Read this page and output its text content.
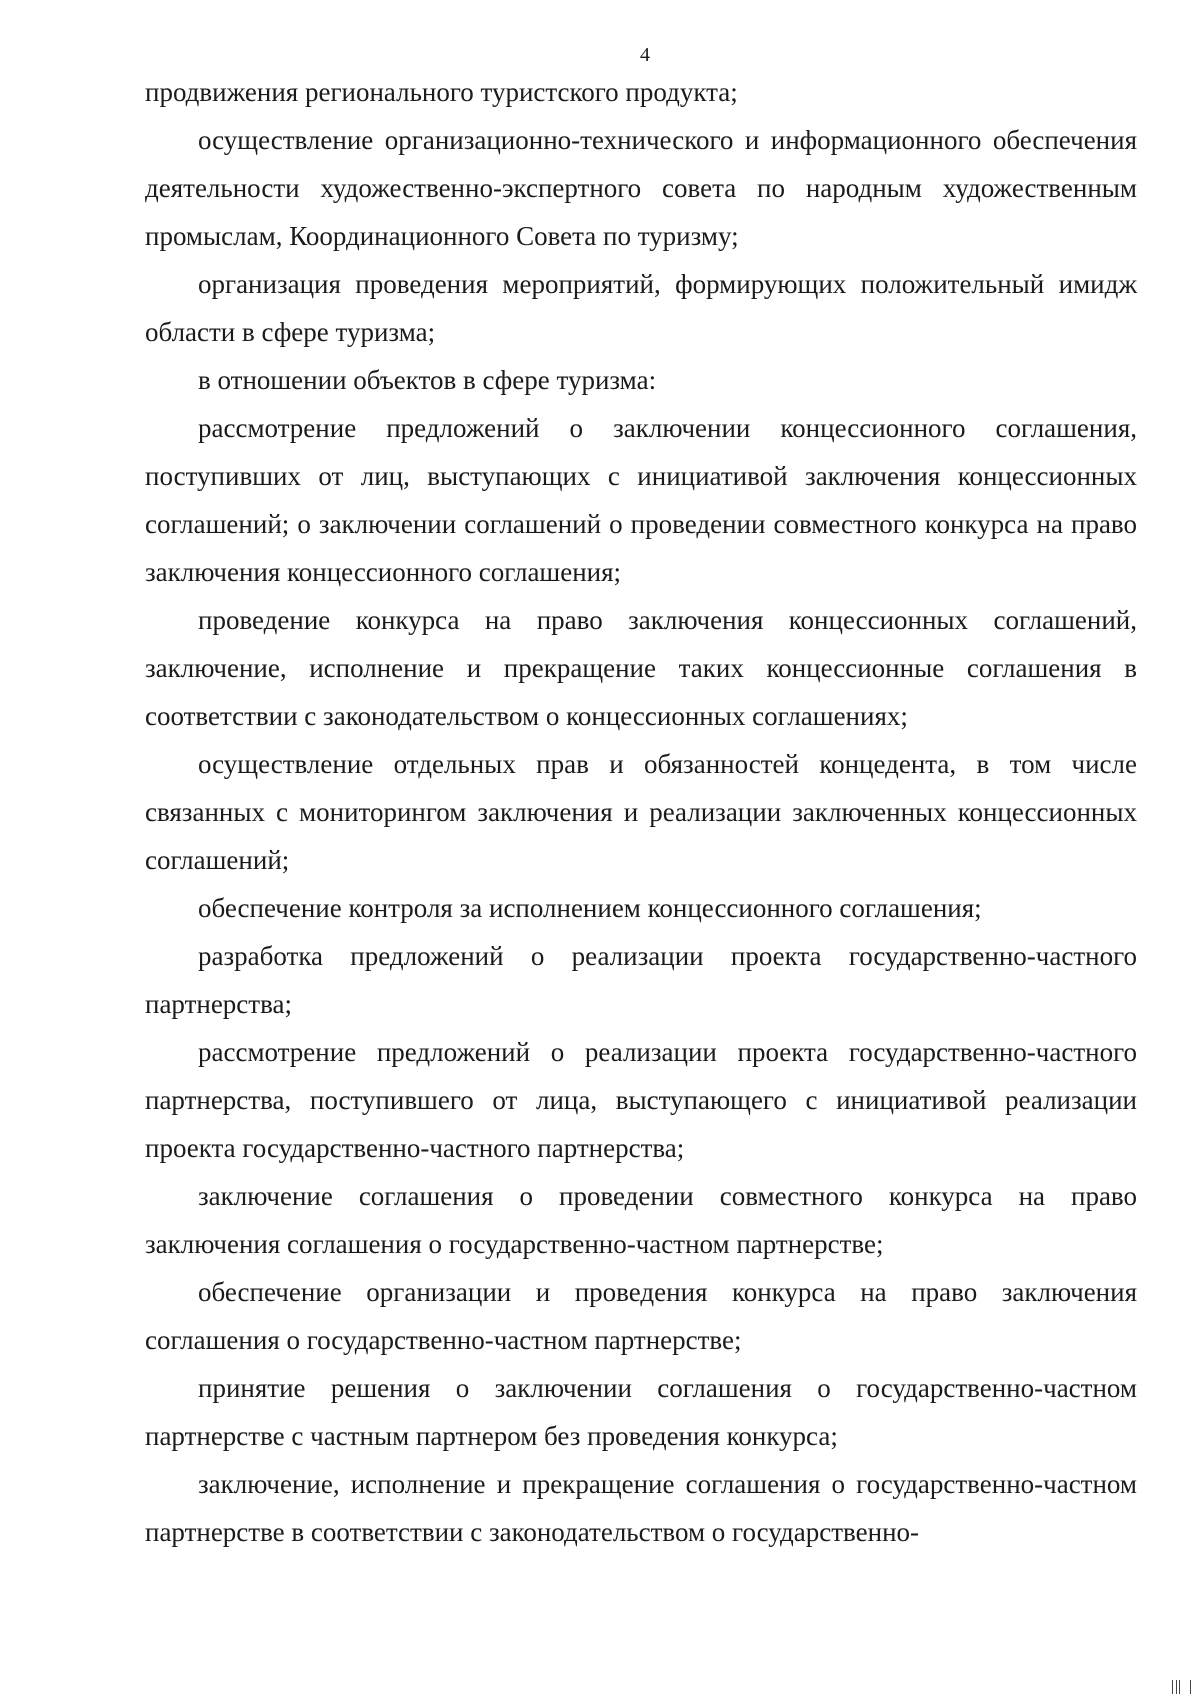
4

продвижения регионального туристского продукта;

осуществление организационно-технического и информационного обеспечения деятельности художественно-экспертного совета по народным художественным промыслам, Координационного Совета по туризму;

организация проведения мероприятий, формирующих положительный имидж области в сфере туризма;

в отношении объектов в сфере туризма:

рассмотрение предложений о заключении концессионного соглашения, поступивших от лиц, выступающих с инициативой заключения концессионных соглашений; о заключении соглашений о проведении совместного конкурса на право заключения концессионного соглашения;

проведение конкурса на право заключения концессионных соглашений, заключение, исполнение и прекращение таких концессионные соглашения в соответствии с законодательством о концессионных соглашениях;

осуществление отдельных прав и обязанностей концедента, в том числе связанных с мониторингом заключения и реализации заключенных концессионных соглашений;

обеспечение контроля за исполнением концессионного соглашения;

разработка предложений о реализации проекта государственно-частного партнерства;

рассмотрение предложений о реализации проекта государственно-частного партнерства, поступившего от лица, выступающего с инициативой реализации проекта государственно-частного партнерства;

заключение соглашения о проведении совместного конкурса на право заключения соглашения о государственно-частном партнерстве;

обеспечение организации и проведения конкурса на право заключения соглашения о государственно-частном партнерстве;

принятие решения о заключении соглашения о государственно-частном партнерстве с частным партнером без проведения конкурса;

заключение, исполнение и прекращение соглашения о государственно-частном партнерстве в соответствии с законодательством о государственно-
